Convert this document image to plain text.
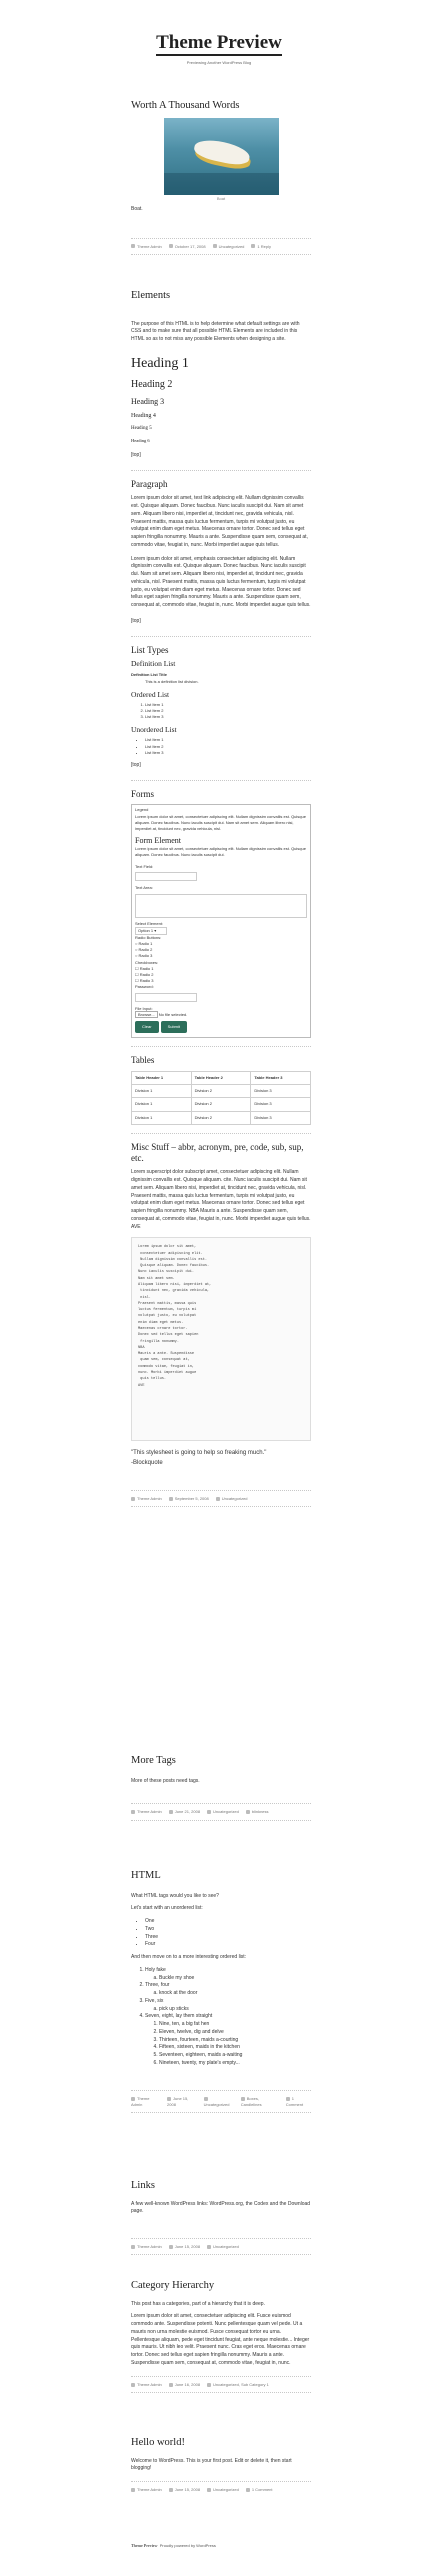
Theme Preview
Previewing Another WordPress Blog
Worth A Thousand Words
Boat
Boat.
Theme Admin	October 17, 2008	Uncategorized	1 Reply
Elements

The purpose of this HTML is to help determine what default settings are with CSS and to make sure that all possible HTML Elements are included in this HTML so as to not miss any possible Elements when designing a site.

Heading 1
Heading 2
Heading 3
Heading 4
Heading 5
Heading 6
[top]
Paragraph

Lorem ipsum dolor sit amet, test link adipiscing elit. Nullam dignissim convallis est. Quisque aliquam. Donec faucibus. Nunc iaculis suscipit dui. Nam sit amet sem. Aliquam libero nisi, imperdiet at, tincidunt nec, gravida vehicula, nisl. Praesent mattis, massa quis luctus fermentum, turpis mi volutpat justo, eu volutpat enim diam eget metus. Maecenas ornare tortor. Donec sed tellus eget sapien fringilla nonummy. Mauris a ante. Suspendisse quam sem, consequat at, commodo vitae, feugiat in, nunc. Morbi imperdiet augue quis tellus.

Lorem ipsum dolor sit amet, emphasis consectetuer adipiscing elit. Nullam dignissim convallis est. Quisque aliquam. Donec faucibus. Nunc iaculis suscipit dui. Nam sit amet sem. Aliquam libero nisi, imperdiet at, tincidunt nec, gravida vehicula, nisl. Praesent mattis, massa quis luctus fermentum, turpis mi volutpat justo, eu volutpat enim diam eget metus. Maecenas ornare tortor. Donec sed tellus eget sapien fringilla nonummy. Mauris a ante. Suspendisse quam sem, consequat at, commodo vitae, feugiat in, nunc. Morbi imperdiet augue quis tellus.

[top]
List Types
Definition List
Definition List Title
This is a definition list division.
Ordered List
1. List Item 1
2. List Item 2
3. List Item 3
Unordered List
• List Item 1
• List Item 2
• List Item 3
[top]
Forms
Legend
Lorem ipsum dolor sit amet, consectetuer adipiscing elit. Nullam dignissim convallis est. Quisque aliquam. Donec faucibus. Nunc iaculis suscipit dui. Nam sit amet sem. Aliquam libero nisi, imperdiet at, tincidunt nec, gravida vehicula, nisl.
Form Element
Lorem ipsum dolor sit amet, consectetuer adipiscing elit. Nullam dignissim convallis est. Quisque aliquam. Donec faucibus. Nunc iaculis suscipit dui.
Text Field:
Text Area:
Select Element:
Option 1 ▾
Radio Buttons:
○ Radio 1
○ Radio 2
○ Radio 3
Checkboxes:
☐ Radio 1
☐ Radio 2
☐ Radio 3
Password:
File Input:
Browse... No file selected.
Clear	Submit
Tables
Table Header 1	Table Header 2	Table Header 3
Division 1	Division 2	Division 3
Division 1	Division 2	Division 3
Division 1	Division 2	Division 3
Misc Stuff – abbr, acronym, pre, code, sub, sup, etc.

Lorem superscript dolor subscript amet, consectetuer adipiscing elit. Nullam dignissim convallis est. Quisque aliquam. cite. Nunc iaculis suscipit dui. Nam sit amet sem. Aliquam libero nisi, imperdiet at, tincidunt nec, gravida vehicula, nisl. Praesent mattis, massa quis luctus fermentum, turpis mi volutpat justo, eu volutpat enim diam eget metus. Maecenas ornare tortor. Donec sed tellus eget sapien fringilla nonummy. NBA Mauris a ante. Suspendisse quam sem, consequat at, commodo vitae, feugiat in, nunc. Morbi imperdiet augue quis tellus. AVE

Lorem ipsum dolor sit amet,
consectetuer adipiscing elit.
Nullam dignissim convallis est.
Quisque aliquam. Donec faucibus.
Nunc iaculis suscipit dui.
Nam sit amet sem.
Aliquam libero nisi, imperdiet at,
tincidunt nec, gravida vehicula,
nisl.
Praesent mattis, massa quis
luctus fermentum, turpis mi
volutpat justo, eu volutpat
enim diam eget metus.
Maecenas ornare tortor.
Donec sed tellus eget sapien
fringilla nonummy.
NBA
Mauris a ante. Suspendisse
quam sem, consequat at,
commodo vitae, feugiat in,
nunc. Morbi imperdiet augue
quis tellus.
AVE
"This stylesheet is going to help so freaking much."
-Blockquote
Theme Admin	September 5, 2008	Uncategorized
More Tags

More of these posts need tags.

Theme Admin	June 21, 2008	Uncategorized	blinkness
HTML

What HTML tags would you like to see?

Let's start with an unordered list:

• One
• Two
• Three
• Four

And then move on to a more interesting ordered list:

1. Holy fake
a. Buckle my shoe
2. Three, four
a. knock at the door
3. Five, six
a. pick up sticks
4. Seven, eight, lay them straight
1. Nine, ten, a big fat hen
2. Eleven, twelve, dig and delve
3. Thirteen, fourteen, maids a-courting
4. Fifteen, sixteen, maids in the kitchen
5. Seventeen, eighteen, maids a-waiting
6. Nineteen, twenty, my plate's empty...
Theme Admin
June 15, 2008	Uncategorized
Boxes, Candlelines
1 Comment
Links

A few well-known WordPress links: WordPress.org, the Codex and the Download page.

Theme Admin	June 15, 2008	Uncategorized
Category Hierarchy

This post has a categories, part of a hierarchy that it is deep.

Lorem ipsum dolor sit amet, consectetuer adipiscing elit. Fusce euismod commodo ante. Suspendisse potenti. Nunc pellentesque quam vel pede. Ut a mauris non urna molestie euismod. Fusce consequat tortor eu urna. Pellentesque aliquam, pede eget tincidunt feugiat, ante neque molestie... Integer quis mauris. Ut nibh leo velit. Praesent nunc. Cras eget eros. Maecenas ornare tortor. Donec sed tellus eget sapien fringilla nonummy. Mauris a ante. Suspendisse quam sem, consequat at, commodo vitae, feugiat in, nunc.

Theme Admin	June 16, 2008	Uncategorized, Sub Category 1
Hello world!

Welcome to WordPress. This is your first post. Edit or delete it, then start blogging!

Theme Admin	June 15, 2008	Uncategorized	1 Comment
Theme Preview Proudly powered by WordPress
